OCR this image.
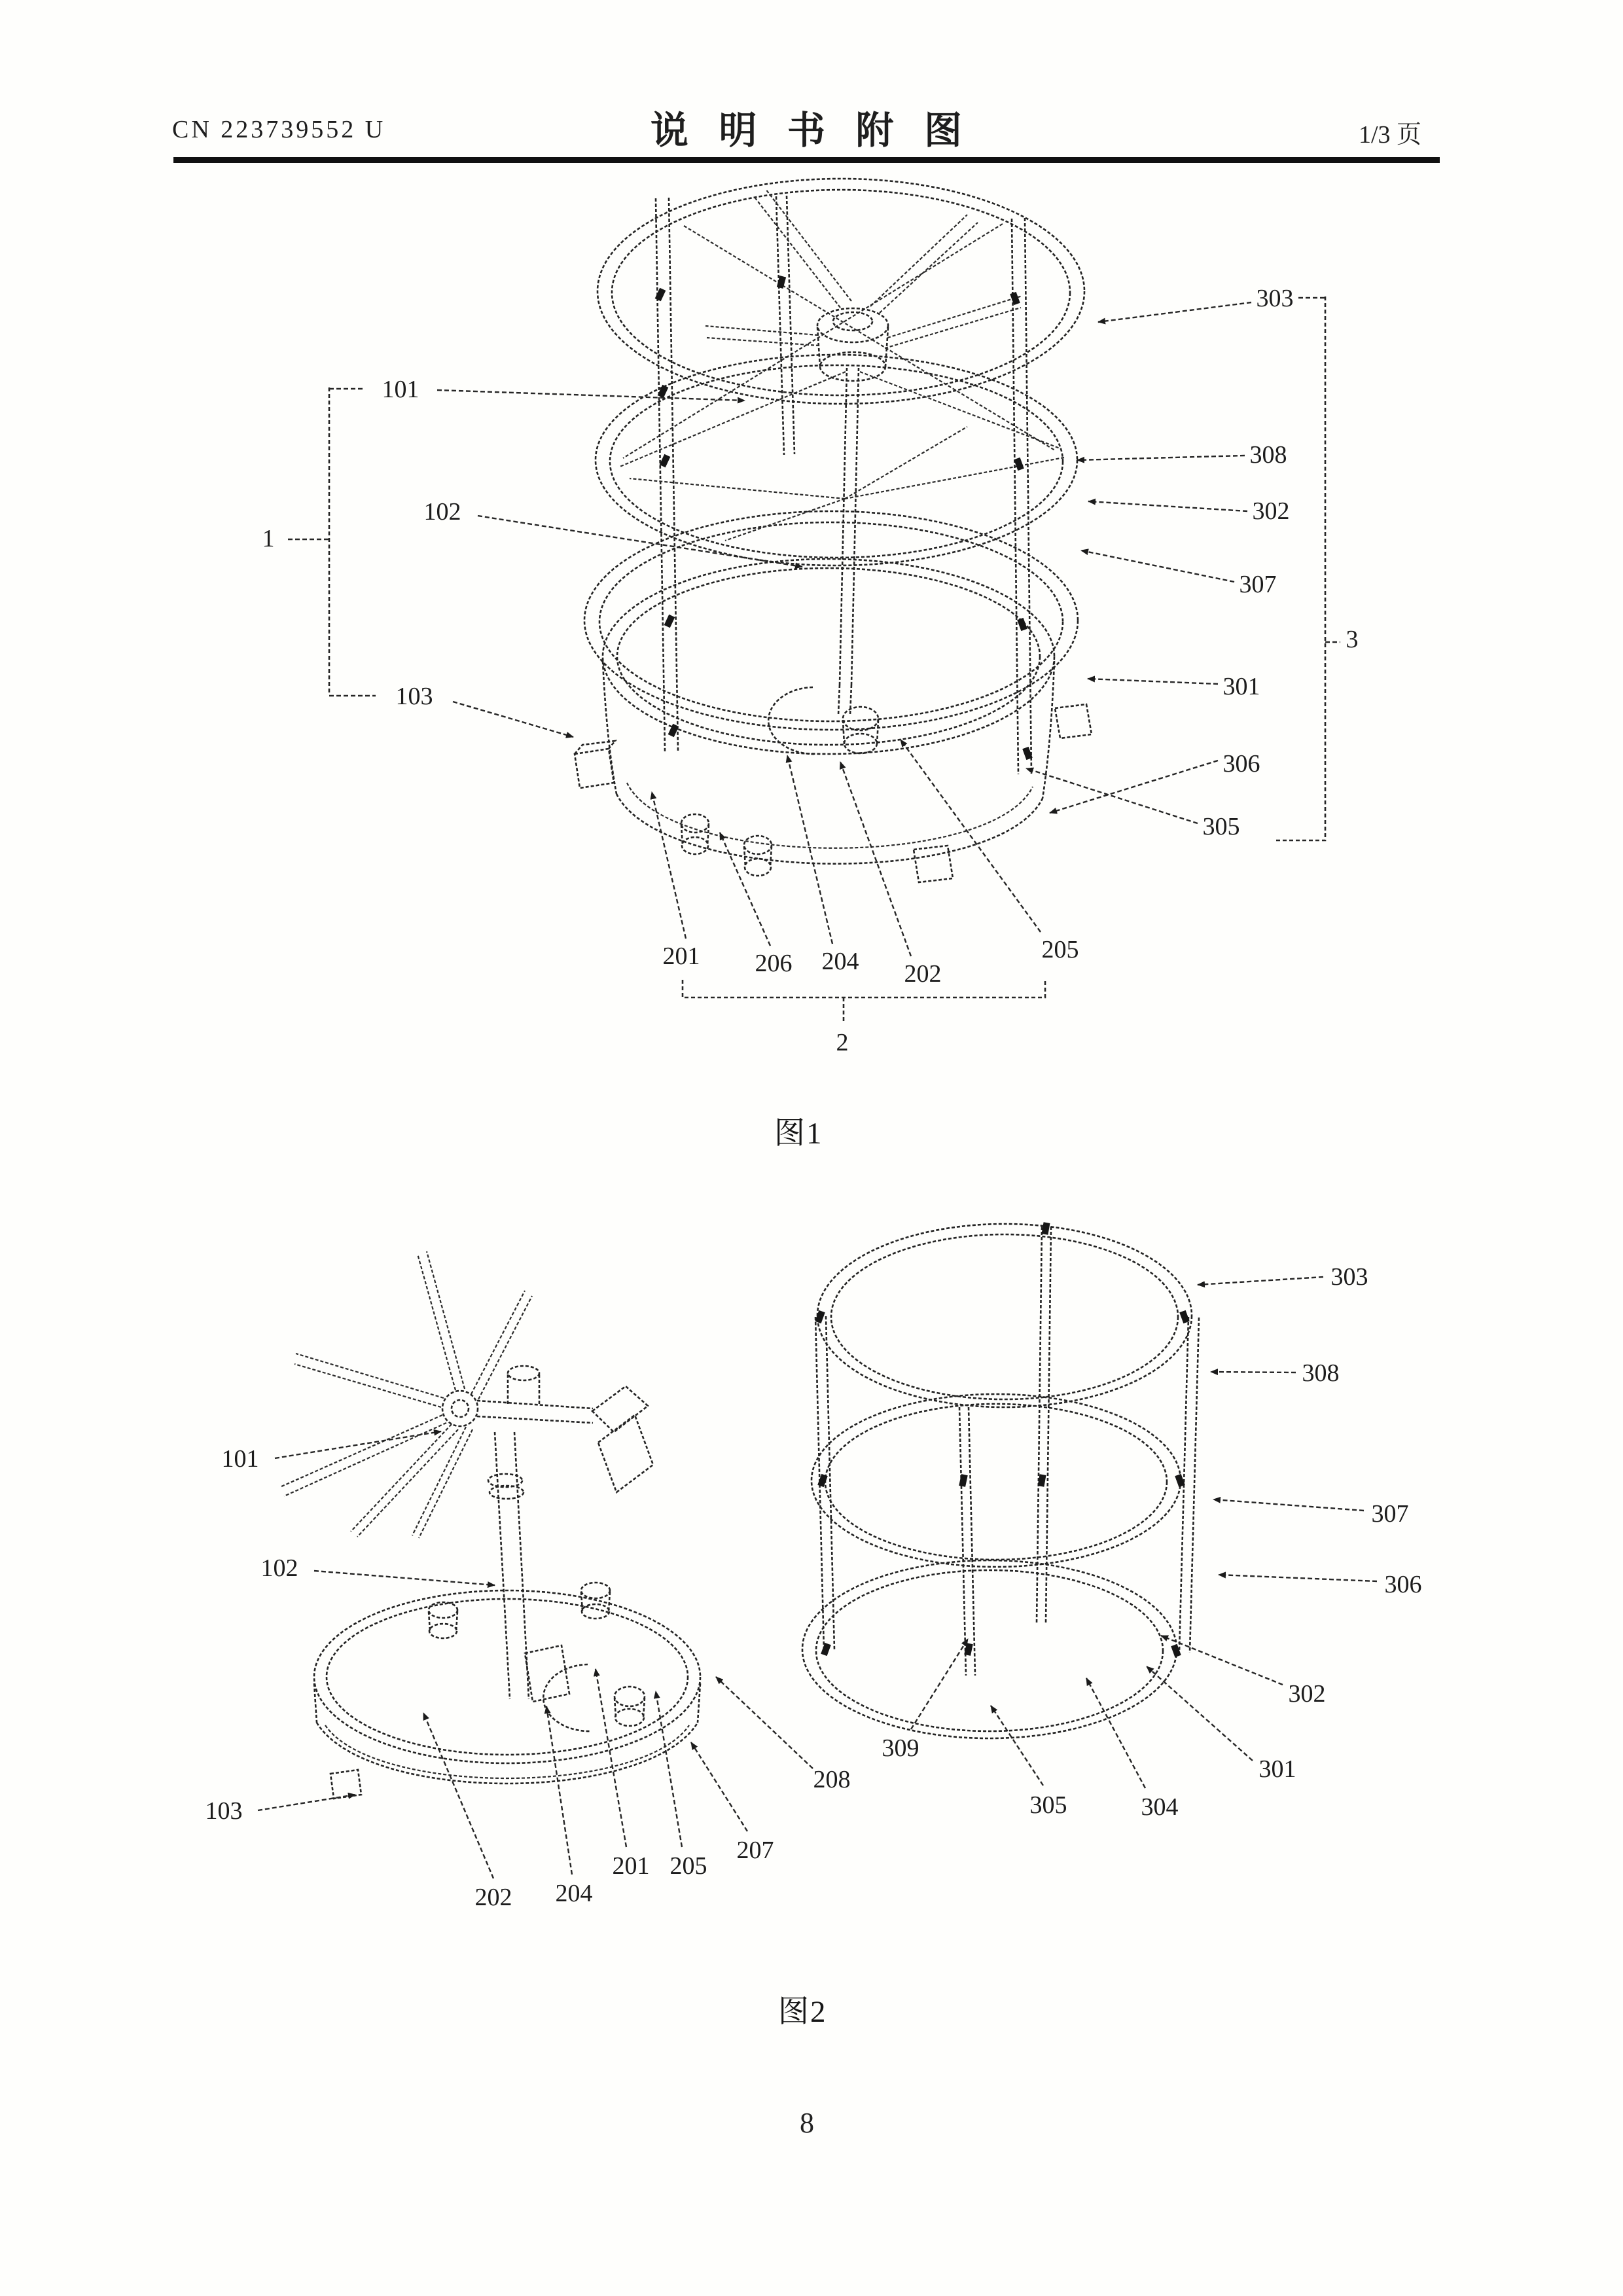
CN 223739552 U	说 明 书 附 图	1/3 页
101
102
103
1
303
308
302
307
301
306
305
3
201 206 204 202
205
2
101
102
103
202 204
201 205
207
208
303
308
307
306
302
301
304
305
309
图1
图2
8
